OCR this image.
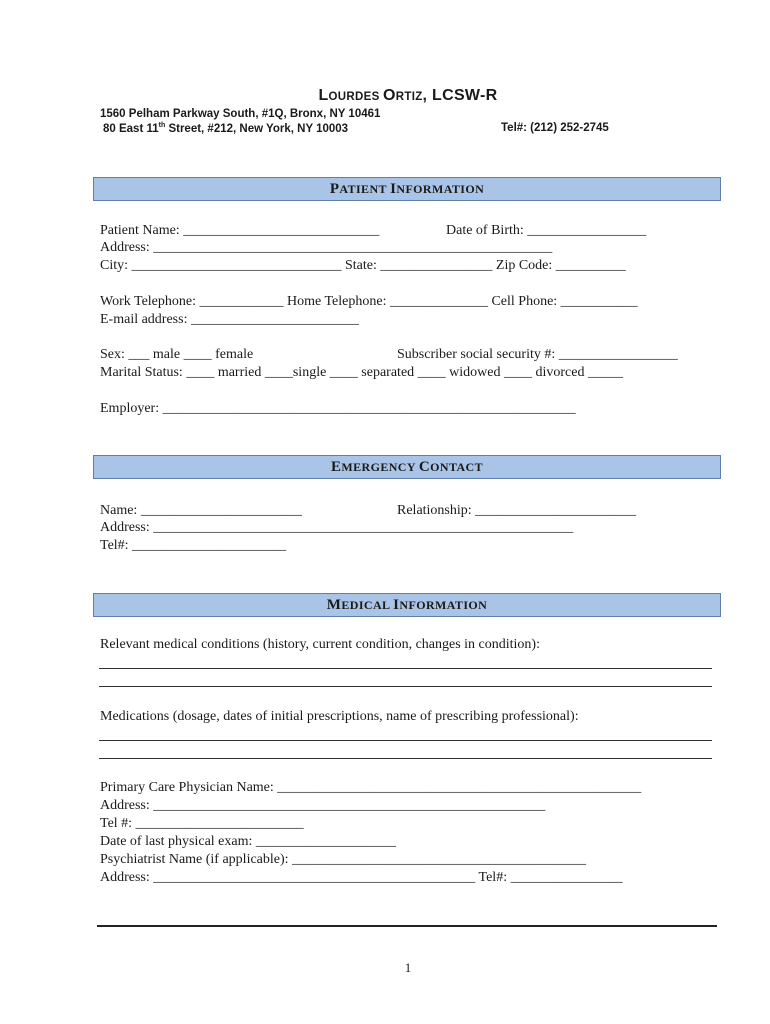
LOURDES ORTIZ, LCSW-R
1560 Pelham Parkway South, #1Q, Bronx, NY 10461
80 East 11th Street, #212, New York, NY 10003	Tel#: (212) 252-2745
PATIENT INFORMATION
Patient Name: ____________________________	Date of Birth: _________________
Address: _________________________________________________________
City: ______________________________ State: ________________ Zip Code: __________
Work Telephone: ____________ Home Telephone: ______________ Cell Phone: ___________
E-mail address: ________________________
Sex: ___ male ____ female	Subscriber social security #: _________________
Marital Status: ____ married ____single ____ separated ____ widowed ____ divorced _____
Employer: ___________________________________________________________
EMERGENCY CONTACT
Name: _______________________	Relationship: _______________________
Address: ____________________________________________________________
Tel#: ______________________
MEDICAL INFORMATION
Relevant medical conditions (history, current condition, changes in condition):
Medications (dosage, dates of initial prescriptions, name of prescribing professional):
Primary Care Physician Name: ____________________________________________________
Address: ________________________________________________________
Tel #: ________________________
Date of last physical exam: ____________________
Psychiatrist Name (if applicable): __________________________________________
Address: ______________________________________________ Tel#: ________________
1
